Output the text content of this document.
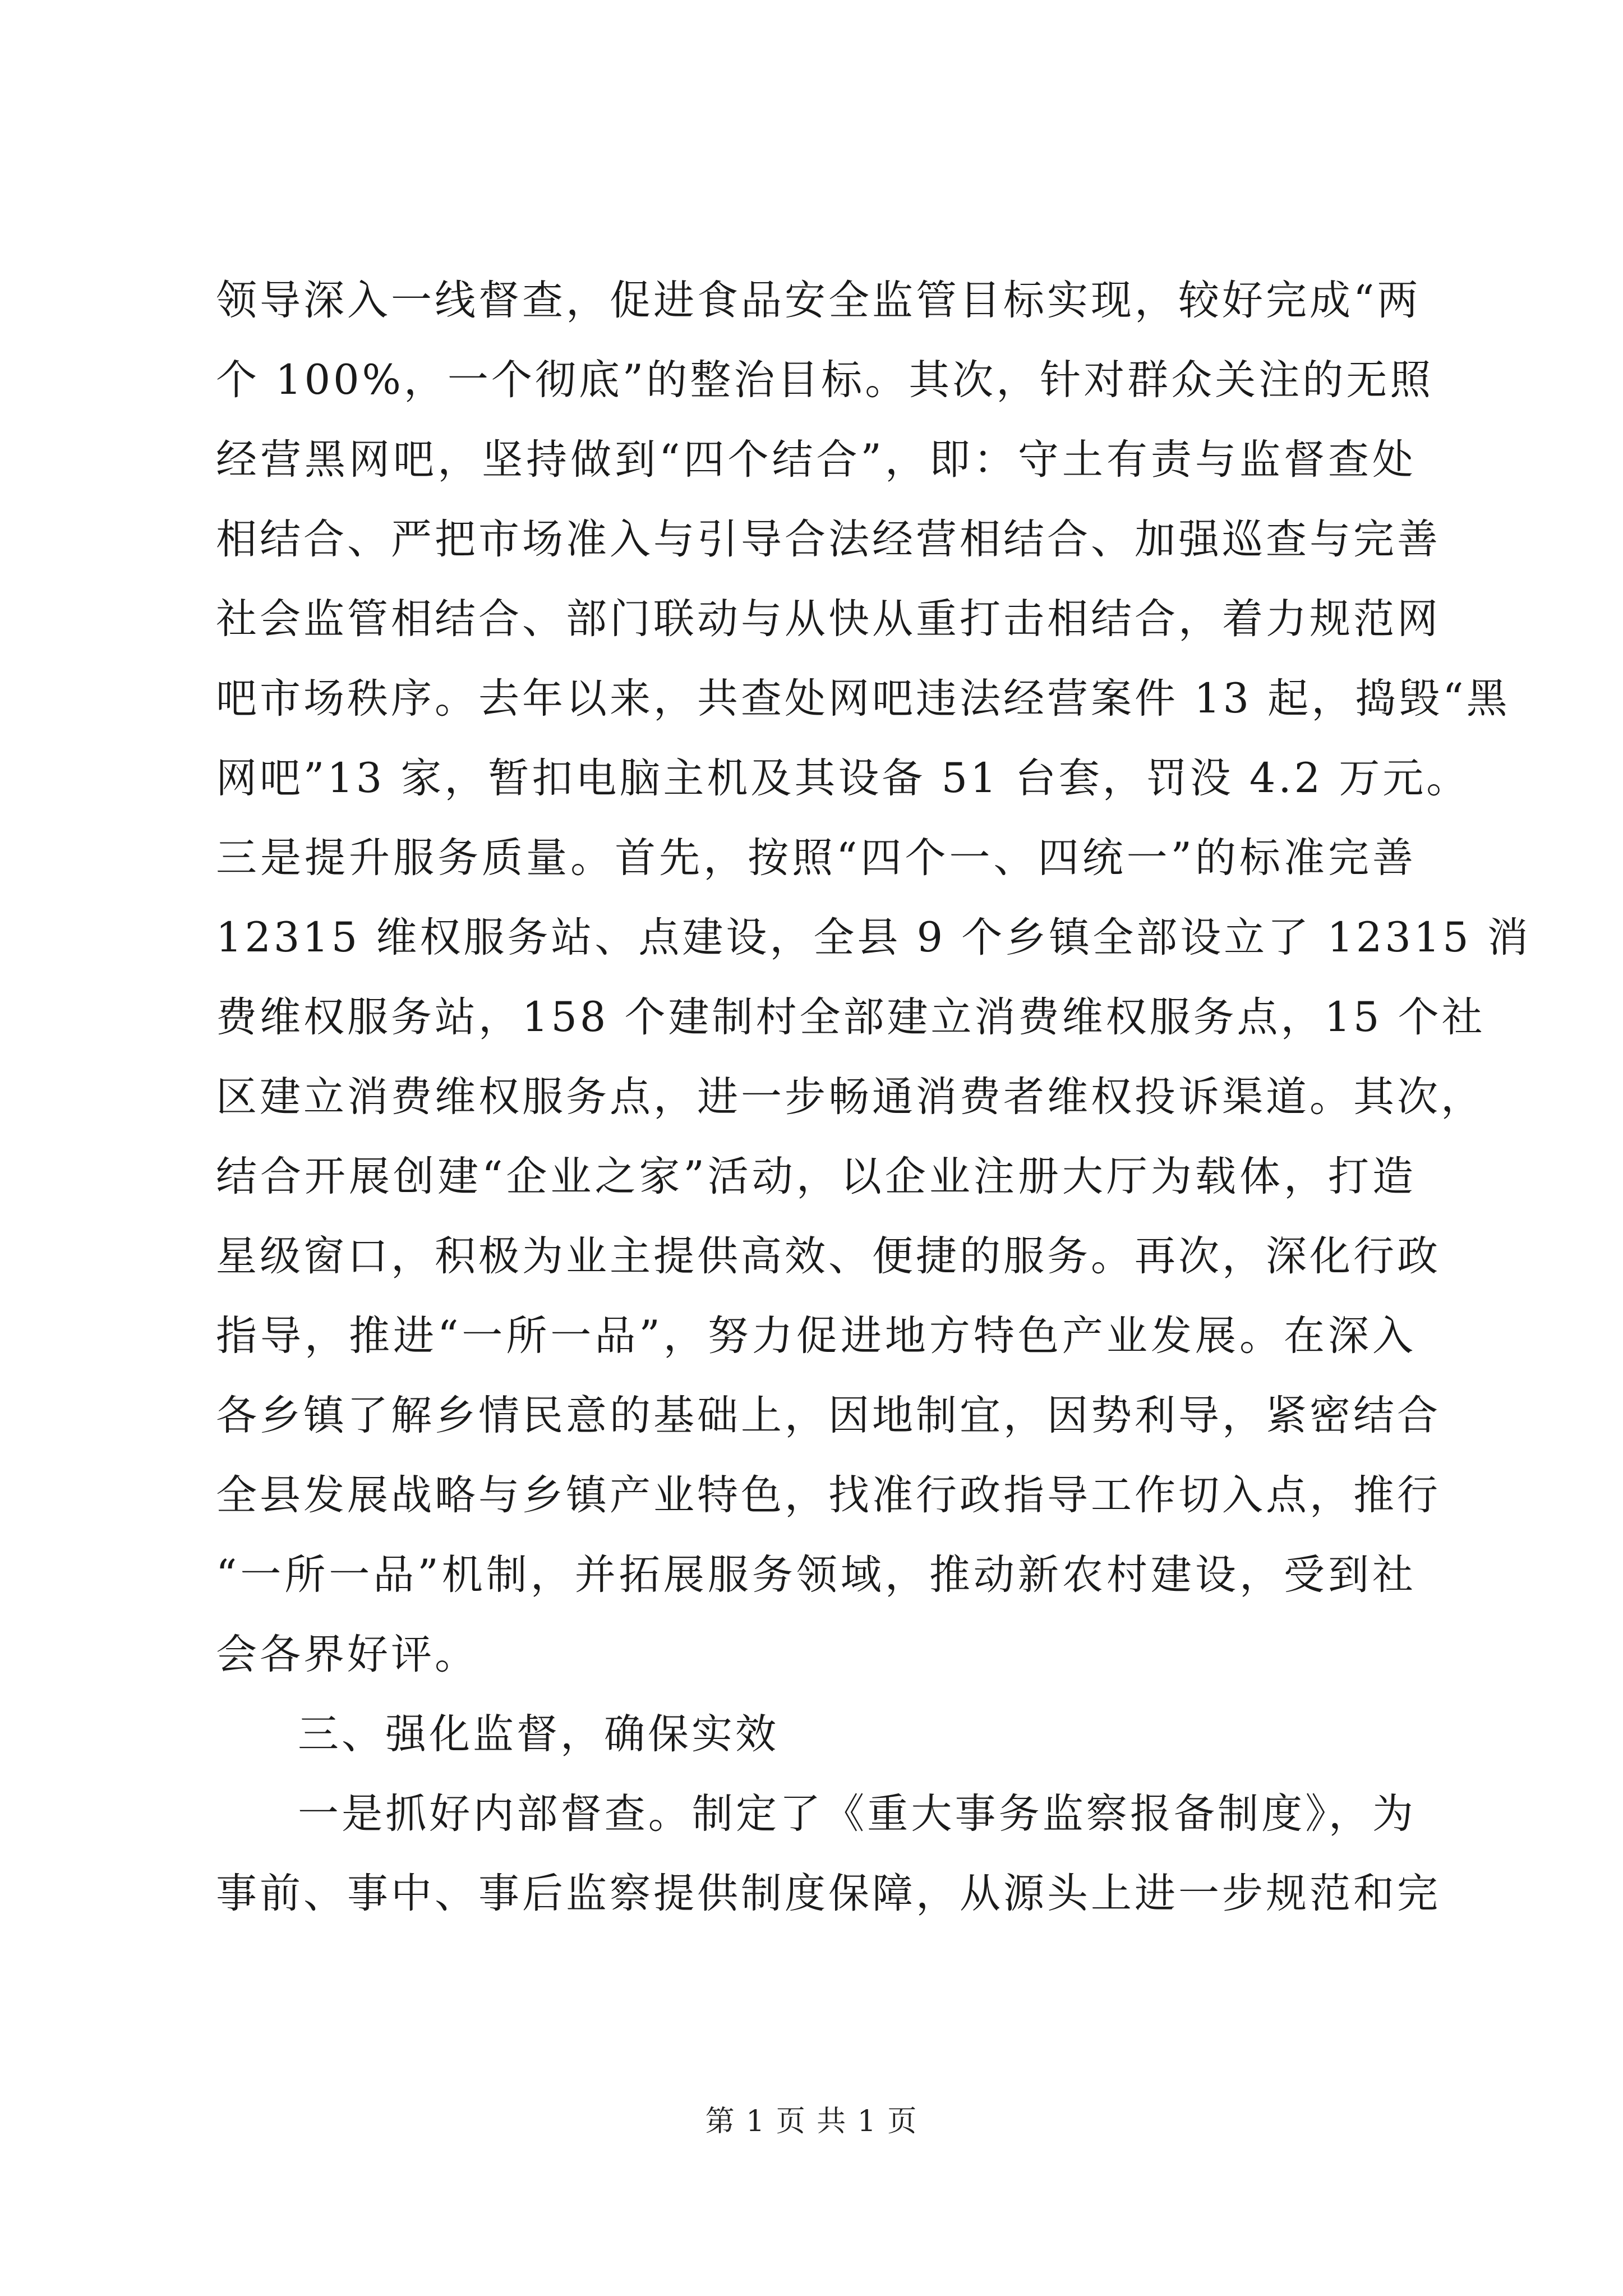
领导深入一线督查，促进食品安全监管目标实现，较好完成“两
个 100%，一个彻底”的整治目标。其次，针对群众关注的无照
经营黑网吧，坚持做到“四个结合”，即：守土有责与监督查处
相结合、严把市场准入与引导合法经营相结合、加强巡查与完善
社会监管相结合、部门联动与从快从重打击相结合，着力规范网
吧市场秩序。去年以来，共查处网吧违法经营案件 13 起，捣毁“黑
网吧”13 家，暂扣电脑主机及其设备 51 台套，罚没 4.2 万元。
三是提升服务质量。首先，按照“四个一、四统一”的标准完善
12315 维权服务站、点建设，全县 9 个乡镇全部设立了 12315 消
费维权服务站，158 个建制村全部建立消费维权服务点，15 个社
区建立消费维权服务点，进一步畅通消费者维权投诉渠道。其次，
结合开展创建“企业之家”活动，以企业注册大厅为载体，打造
星级窗口，积极为业主提供高效、便捷的服务。再次，深化行政
指导，推进“一所一品”，努力促进地方特色产业发展。在深入
各乡镇了解乡情民意的基础上，因地制宜，因势利导，紧密结合
全县发展战略与乡镇产业特色，找准行政指导工作切入点，推行
“一所一品”机制，并拓展服务领域，推动新农村建设，受到社
会各界好评。
三、强化监督，确保实效
一是抓好内部督查。制定了《重大事务监察报备制度》，为
事前、事中、事后监察提供制度保障，从源头上进一步规范和完
第 1 页 共 1 页
